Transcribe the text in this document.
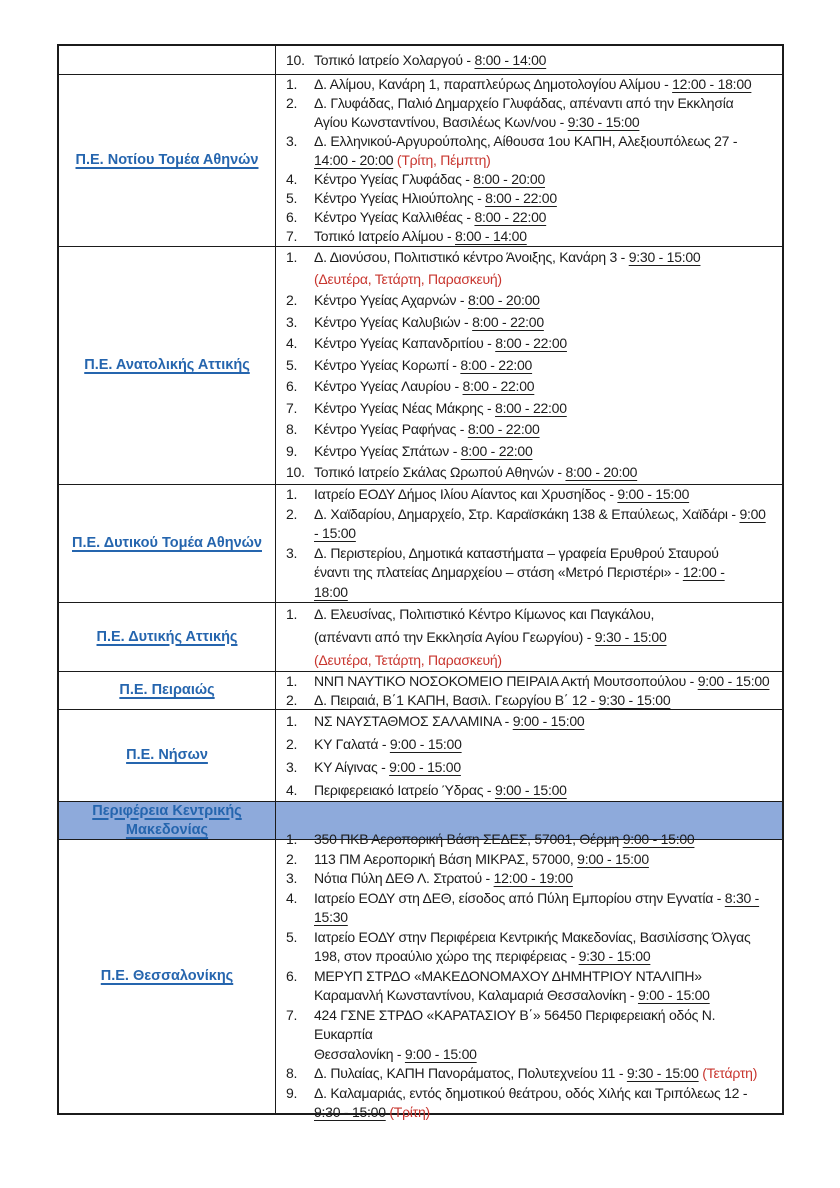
10. Τοπικό Ιατρείο Χολαργού - 8:00 - 14:00
Π.Ε. Νοτίου Τομέα Αθηνών
1.	Δ. Αλίμου, Κανάρη 1, παραπλεύρως Δημοτολογίου Αλίμου - 12:00 - 18:00
2.	Δ. Γλυφάδας, Παλιό Δημαρχείο Γλυφάδας, απέναντι από την Εκκλησία
Αγίου Κωνσταντίνου, Βασιλέως Κων/νου - 9:30 - 15:00
3.	Δ. Ελληνικού-Αργυρούπολης, Αίθουσα 1ου ΚΑΠΗ, Αλεξιουπόλεως 27 -
14:00 - 20:00 (Τρίτη, Πέμπτη)
4.	Κέντρο Υγείας Γλυφάδας - 8:00 - 20:00
5.	Κέντρο Υγείας Ηλιούπολης - 8:00 - 22:00
6.	Κέντρο Υγείας Καλλιθέας - 8:00 - 22:00
7.	Τοπικό Ιατρείο Αλίμου - 8:00 - 14:00
Π.Ε. Ανατολικής Αττικής
1.	Δ. Διονύσου, Πολιτιστικό κέντρο Άνοιξης, Κανάρη 3 - 9:30 - 15:00
(Δευτέρα, Τετάρτη, Παρασκευή)
2.	Κέντρο Υγείας Αχαρνών - 8:00 - 20:00
3.	Κέντρο Υγείας Καλυβιών - 8:00 - 22:00
4.	Κέντρο Υγείας Καπανδριτίου - 8:00 - 22:00
5.	Κέντρο Υγείας Κορωπί - 8:00 - 22:00
6.	Κέντρο Υγείας Λαυρίου - 8:00 - 22:00
7.	Κέντρο Υγείας Νέας Μάκρης - 8:00 - 22:00
8.	Κέντρο Υγείας Ραφήνας - 8:00 - 22:00
9.	Κέντρο Υγείας Σπάτων - 8:00 - 22:00
10. Τοπικό Ιατρείο Σκάλας Ωρωπού Αθηνών - 8:00 - 20:00
Π.Ε. Δυτικού Τομέα Αθηνών
1.	Ιατρείο ΕΟΔΥ Δήμος Ιλίου Αίαντος και Χρυσηίδος - 9:00 - 15:00
2.	Δ. Χαϊδαρίου, Δημαρχείο, Στρ. Καραϊσκάκη 138 & Επαύλεως, Χαϊδάρι - 9:00
- 15:00
3.	Δ. Περιστερίου, Δημοτικά καταστήματα – γραφεία Ερυθρού Σταυρού
έναντι της πλατείας Δημαρχείου – στάση «Μετρό Περιστέρι» - 12:00 -
18:00
Π.Ε. Δυτικής Αττικής
1.	Δ. Ελευσίνας, Πολιτιστικό Κέντρο Κίμωνος και Παγκάλου,
(απέναντι από την Εκκλησία Αγίου Γεωργίου) - 9:30 - 15:00
(Δευτέρα, Τετάρτη, Παρασκευή)
Π.Ε. Πειραιώς
1.	ΝΝΠ ΝΑΥΤΙΚΟ ΝΟΣΟΚΟΜΕΙΟ ΠΕΙΡΑΙΑ Ακτή Μουτσοπούλου - 9:00 - 15:00
2.	Δ. Πειραιά, Β΄1 ΚΑΠΗ, Βασιλ. Γεωργίου Β΄ 12 - 9:30 - 15:00
Π.Ε. Νήσων
1.	ΝΣ ΝΑΥΣΤΑΘΜΟΣ ΣΑΛΑΜΙΝΑ - 9:00 - 15:00
2.	ΚΥ Γαλατά - 9:00 - 15:00
3.	ΚΥ Αίγινας - 9:00 - 15:00
4.	Περιφερειακό Ιατρείο Ύδρας - 9:00 - 15:00
Περιφέρεια Κεντρικής
Μακεδονίας
Π.Ε. Θεσσαλονίκης
1.	350 ΠΚΒ Αεροπορική Βάση ΣΕΔΕΣ, 57001, Θέρμη 9:00 - 15:00
2.	113 ΠΜ Αεροπορική Βάση ΜΙΚΡΑΣ, 57000, 9:00 - 15:00
3.	Νότια Πύλη ΔΕΘ Λ. Στρατού - 12:00 - 19:00
4.	Ιατρείο ΕΟΔΥ στη ΔΕΘ, είσοδος από Πύλη Εμπορίου στην Εγνατία - 8:30 -
15:30
5.	Ιατρείο ΕΟΔΥ στην Περιφέρεια Κεντρικής Μακεδονίας, Βασιλίσσης Όλγας
198, στον προαύλιο χώρο της περιφέρειας - 9:30 - 15:00
6.	ΜΕΡΥΠ ΣΤΡΔΟ «ΜΑΚΕΔΟΝΟΜΑΧΟΥ ΔΗΜΗΤΡΙΟΥ ΝΤΑΛΙΠΗ»
Καραμανλή Κωνσταντίνου, Καλαμαριά Θεσσαλονίκη - 9:00 - 15:00
7.	424 ΓΣΝΕ ΣΤΡΔΟ «ΚΑΡΑΤΑΣΙΟΥ Β΄» 56450 Περιφερειακή οδός Ν. Ευκαρπία
Θεσσαλονίκη - 9:00 - 15:00
8.	Δ. Πυλαίας, ΚΑΠΗ Πανοράματος, Πολυτεχνείου 11 - 9:30 - 15:00 (Τετάρτη)
9.	Δ. Καλαμαριάς, εντός δημοτικού θεάτρου, οδός Χιλής και Τριπόλεως 12 -
9:30 - 15:00 (Τρίτη)
